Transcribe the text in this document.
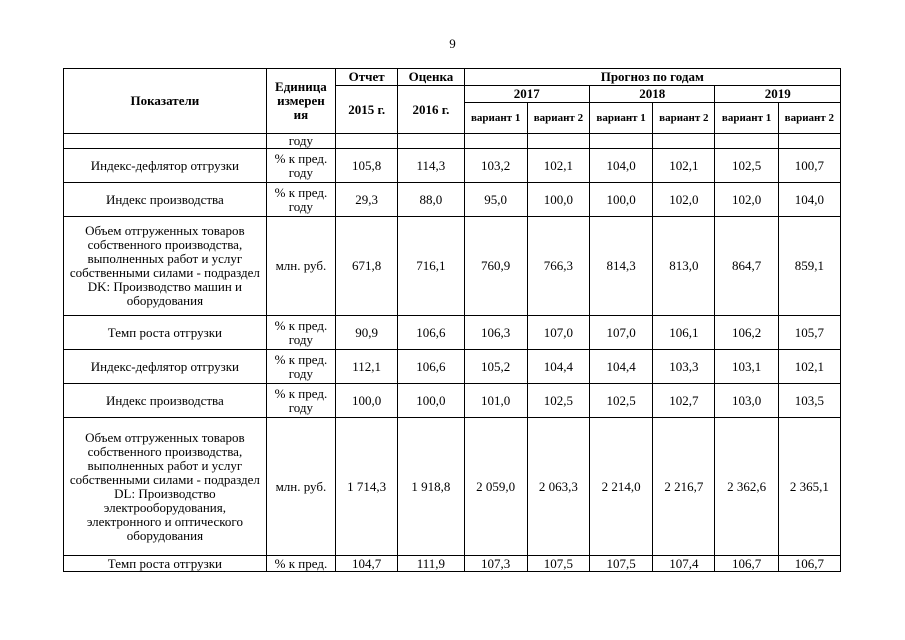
9
Показатели	Единица измерен ия	Отчет	Оценка	Прогноз по годам					
		2015 г.	2016 г.	2017		2018		2019	
				вариант 1	вариант 2	вариант 1	вариант 2	вариант 1	вариант 2
	году								
Индекс-дефлятор отгрузки	% к пред. году	105,8	114,3	103,2	102,1	104,0	102,1	102,5	100,7
Индекс производства	% к пред. году	29,3	88,0	95,0	100,0	100,0	102,0	102,0	104,0
Объем отгруженных товаров собственного производства, выполненных работ и услуг собственными силами - подраздел DK: Производство машин и оборудования	млн. руб.	671,8	716,1	760,9	766,3	814,3	813,0	864,7	859,1
Темп роста отгрузки	% к пред. году	90,9	106,6	106,3	107,0	107,0	106,1	106,2	105,7
Индекс-дефлятор отгрузки	% к пред. году	112,1	106,6	105,2	104,4	104,4	103,3	103,1	102,1
Индекс производства	% к пред. году	100,0	100,0	101,0	102,5	102,5	102,7	103,0	103,5
Объем отгруженных товаров собственного производства, выполненных работ и услуг собственными силами - подраздел DL: Производство электрооборудования, электронного и оптического оборудования	млн. руб.	1 714,3	1 918,8	2 059,0	2 063,3	2 214,0	2 216,7	2 362,6	2 365,1
Темп роста отгрузки	% к пред.	104,7	111,9	107,3	107,5	107,5	107,4	106,7	106,7
